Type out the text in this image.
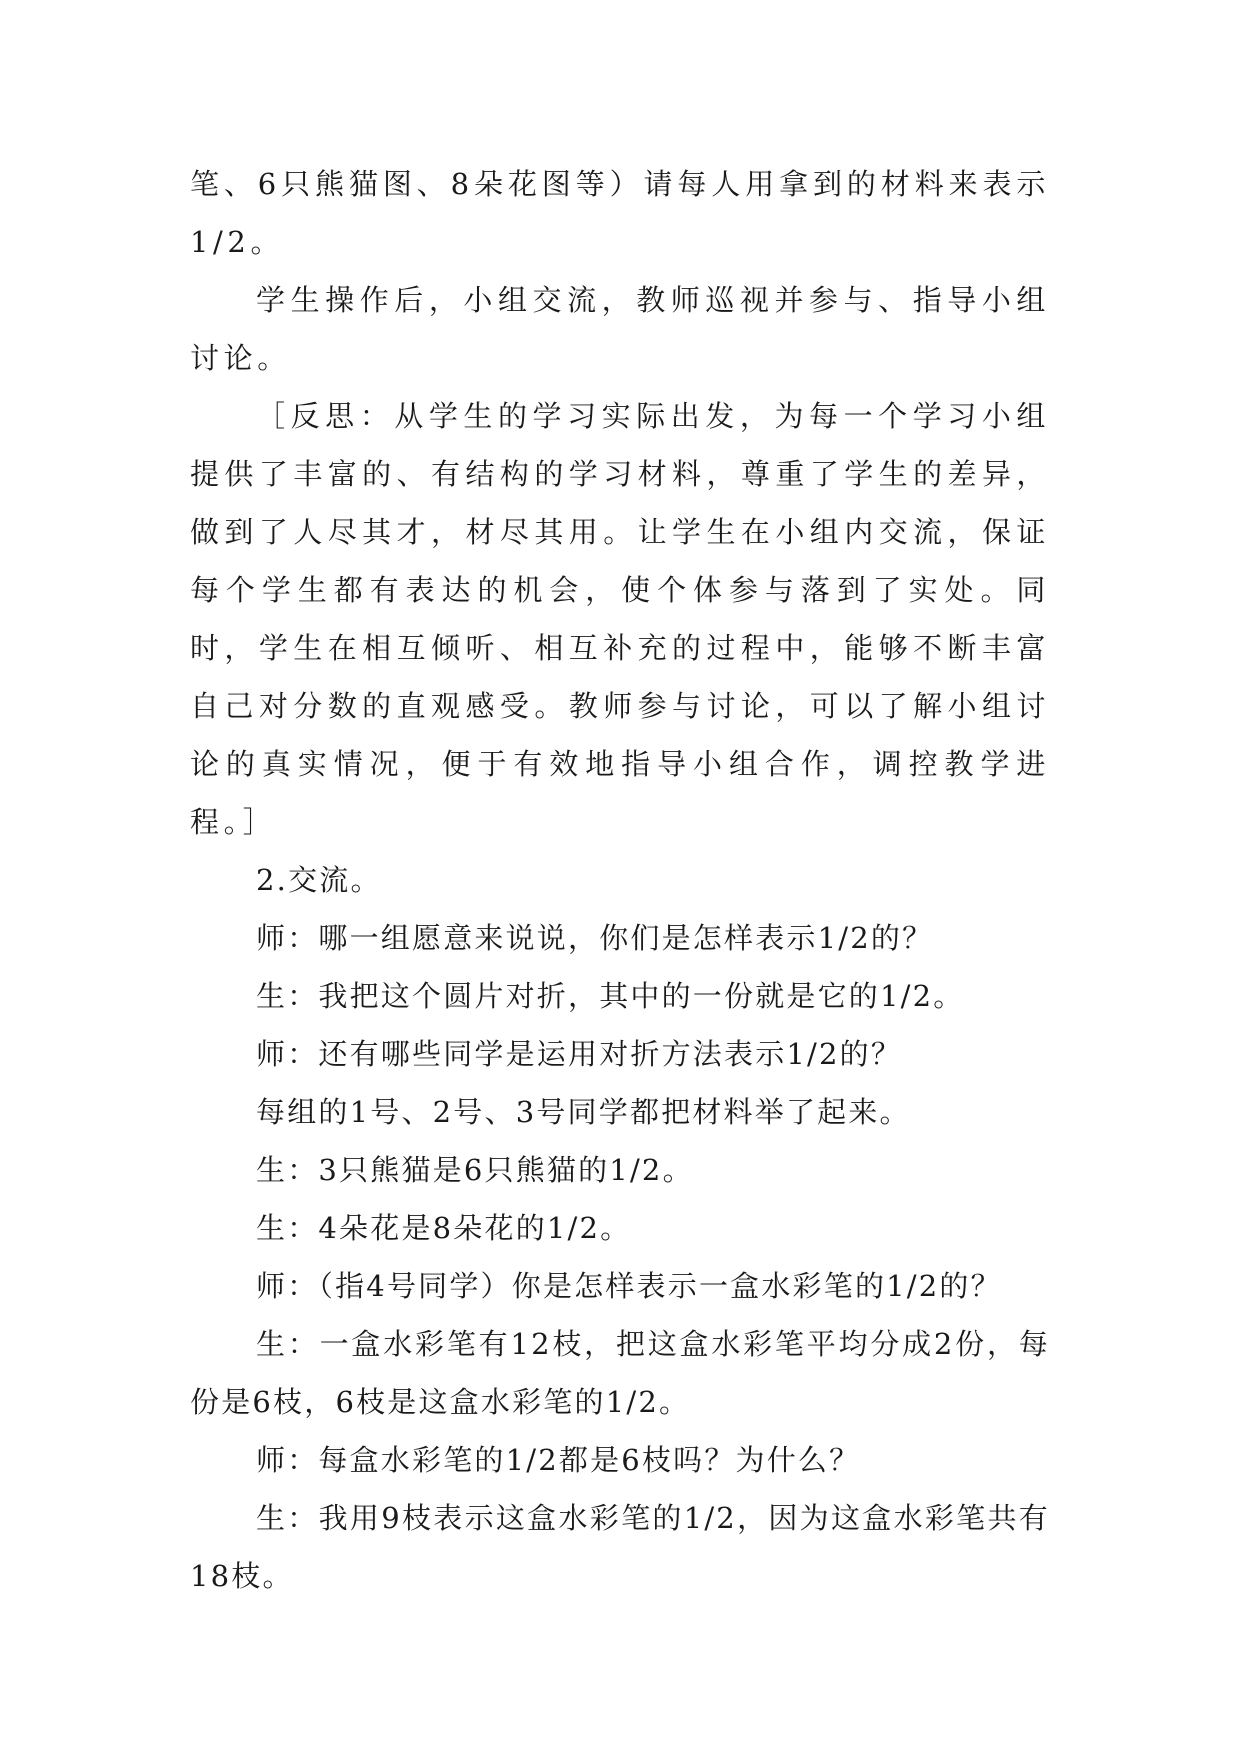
笔、6只熊猫图、8朵花图等）请每人用拿到的材料来表示1/2。

学生操作后，小组交流，教师巡视并参与、指导小组讨论。

［反思：从学生的学习实际出发，为每一个学习小组提供了丰富的、有结构的学习材料，尊重了学生的差异，做到了人尽其才，材尽其用。让学生在小组内交流，保证每个学生都有表达的机会，使个体参与落到了实处。同时，学生在相互倾听、相互补充的过程中，能够不断丰富自己对分数的直观感受。教师参与讨论，可以了解小组讨论的真实情况，便于有效地指导小组合作，调控教学进程。］

2.交流。

师：哪一组愿意来说说，你们是怎样表示1/2的？

生：我把这个圆片对折，其中的一份就是它的1/2。

师：还有哪些同学是运用对折方法表示1/2的？

每组的1号、2号、3号同学都把材料举了起来。

生：3只熊猫是6只熊猫的1/2。

生：4朵花是8朵花的1/2。

师：（指4号同学）你是怎样表示一盒水彩笔的1/2的？

生：一盒水彩笔有12枝，把这盒水彩笔平均分成2份，每份是6枝，6枝是这盒水彩笔的1/2。

师：每盒水彩笔的1/2都是6枝吗？为什么？

生：我用9枝表示这盒水彩笔的1/2，因为这盒水彩笔共有18枝。
